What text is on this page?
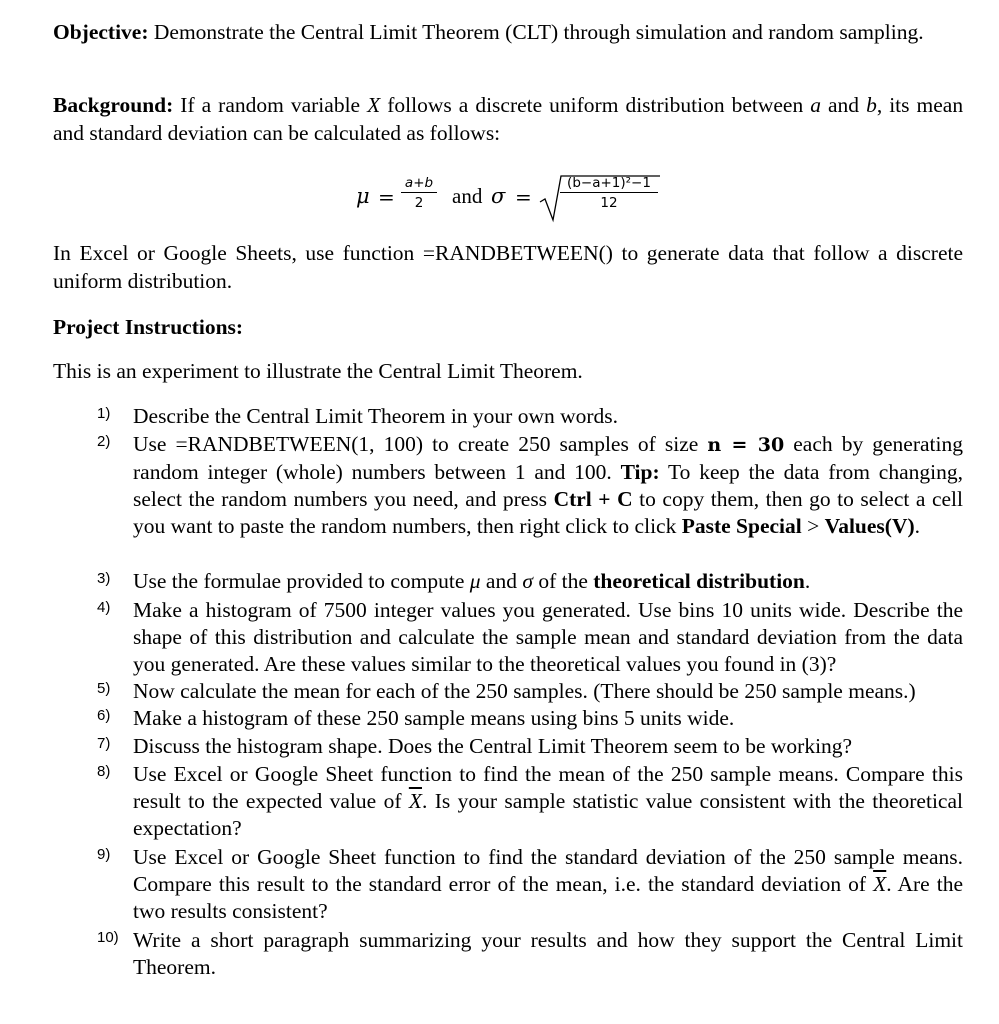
Objective: Demonstrate the Central Limit Theorem (CLT) through simulation and random sampling.
Background: If a random variable X follows a discrete uniform distribution between a and b, its mean and standard deviation can be calculated as follows:
$\mu = \frac{a+b}{2}$ and $\sigma = \frac{\text{(b−a+1)²−1}}{12}$
In Excel or Google Sheets, use function =RANDBETWEEN() to generate data that follow a discrete uniform distribution.
Project Instructions:
This is an experiment to illustrate the Central Limit Theorem.
1)	Describe the Central Limit Theorem in your own words.
2)	Use =RANDBETWEEN(1, 100) to create 250 samples of size n = 30 each by generating random integer (whole) numbers between 1 and 100. Tip: To keep the data from changing, select the random numbers you need, and press Ctrl + C to copy them, then go to select a cell you want to paste the random numbers, then right click to click Paste Special > Values(V).
3)	Use the formulae provided to compute μ and σ of the theoretical distribution.
4)	Make a histogram of 7500 integer values you generated. Use bins 10 units wide. Describe the shape of this distribution and calculate the sample mean and standard deviation from the data you generated. Are these values similar to the theoretical values you found in (3)?
5)	Now calculate the mean for each of the 250 samples. (There should be 250 sample means.)
6)	Make a histogram of these 250 sample means using bins 5 units wide.
7)	Discuss the histogram shape. Does the Central Limit Theorem seem to be working?
8)	Use Excel or Google Sheet function to find the mean of the 250 sample means. Compare this result to the expected value of $\overline{X}$. Is your sample statistic value consistent with the theoretical expectation?
9)	Use Excel or Google Sheet function to find the standard deviation of the 250 sample means. Compare this result to the standard error of the mean, i.e. the standard deviation of $\overline{X}$. Are the two results consistent?
10) Write a short paragraph summarizing your results and how they support the Central Limit Theorem.
